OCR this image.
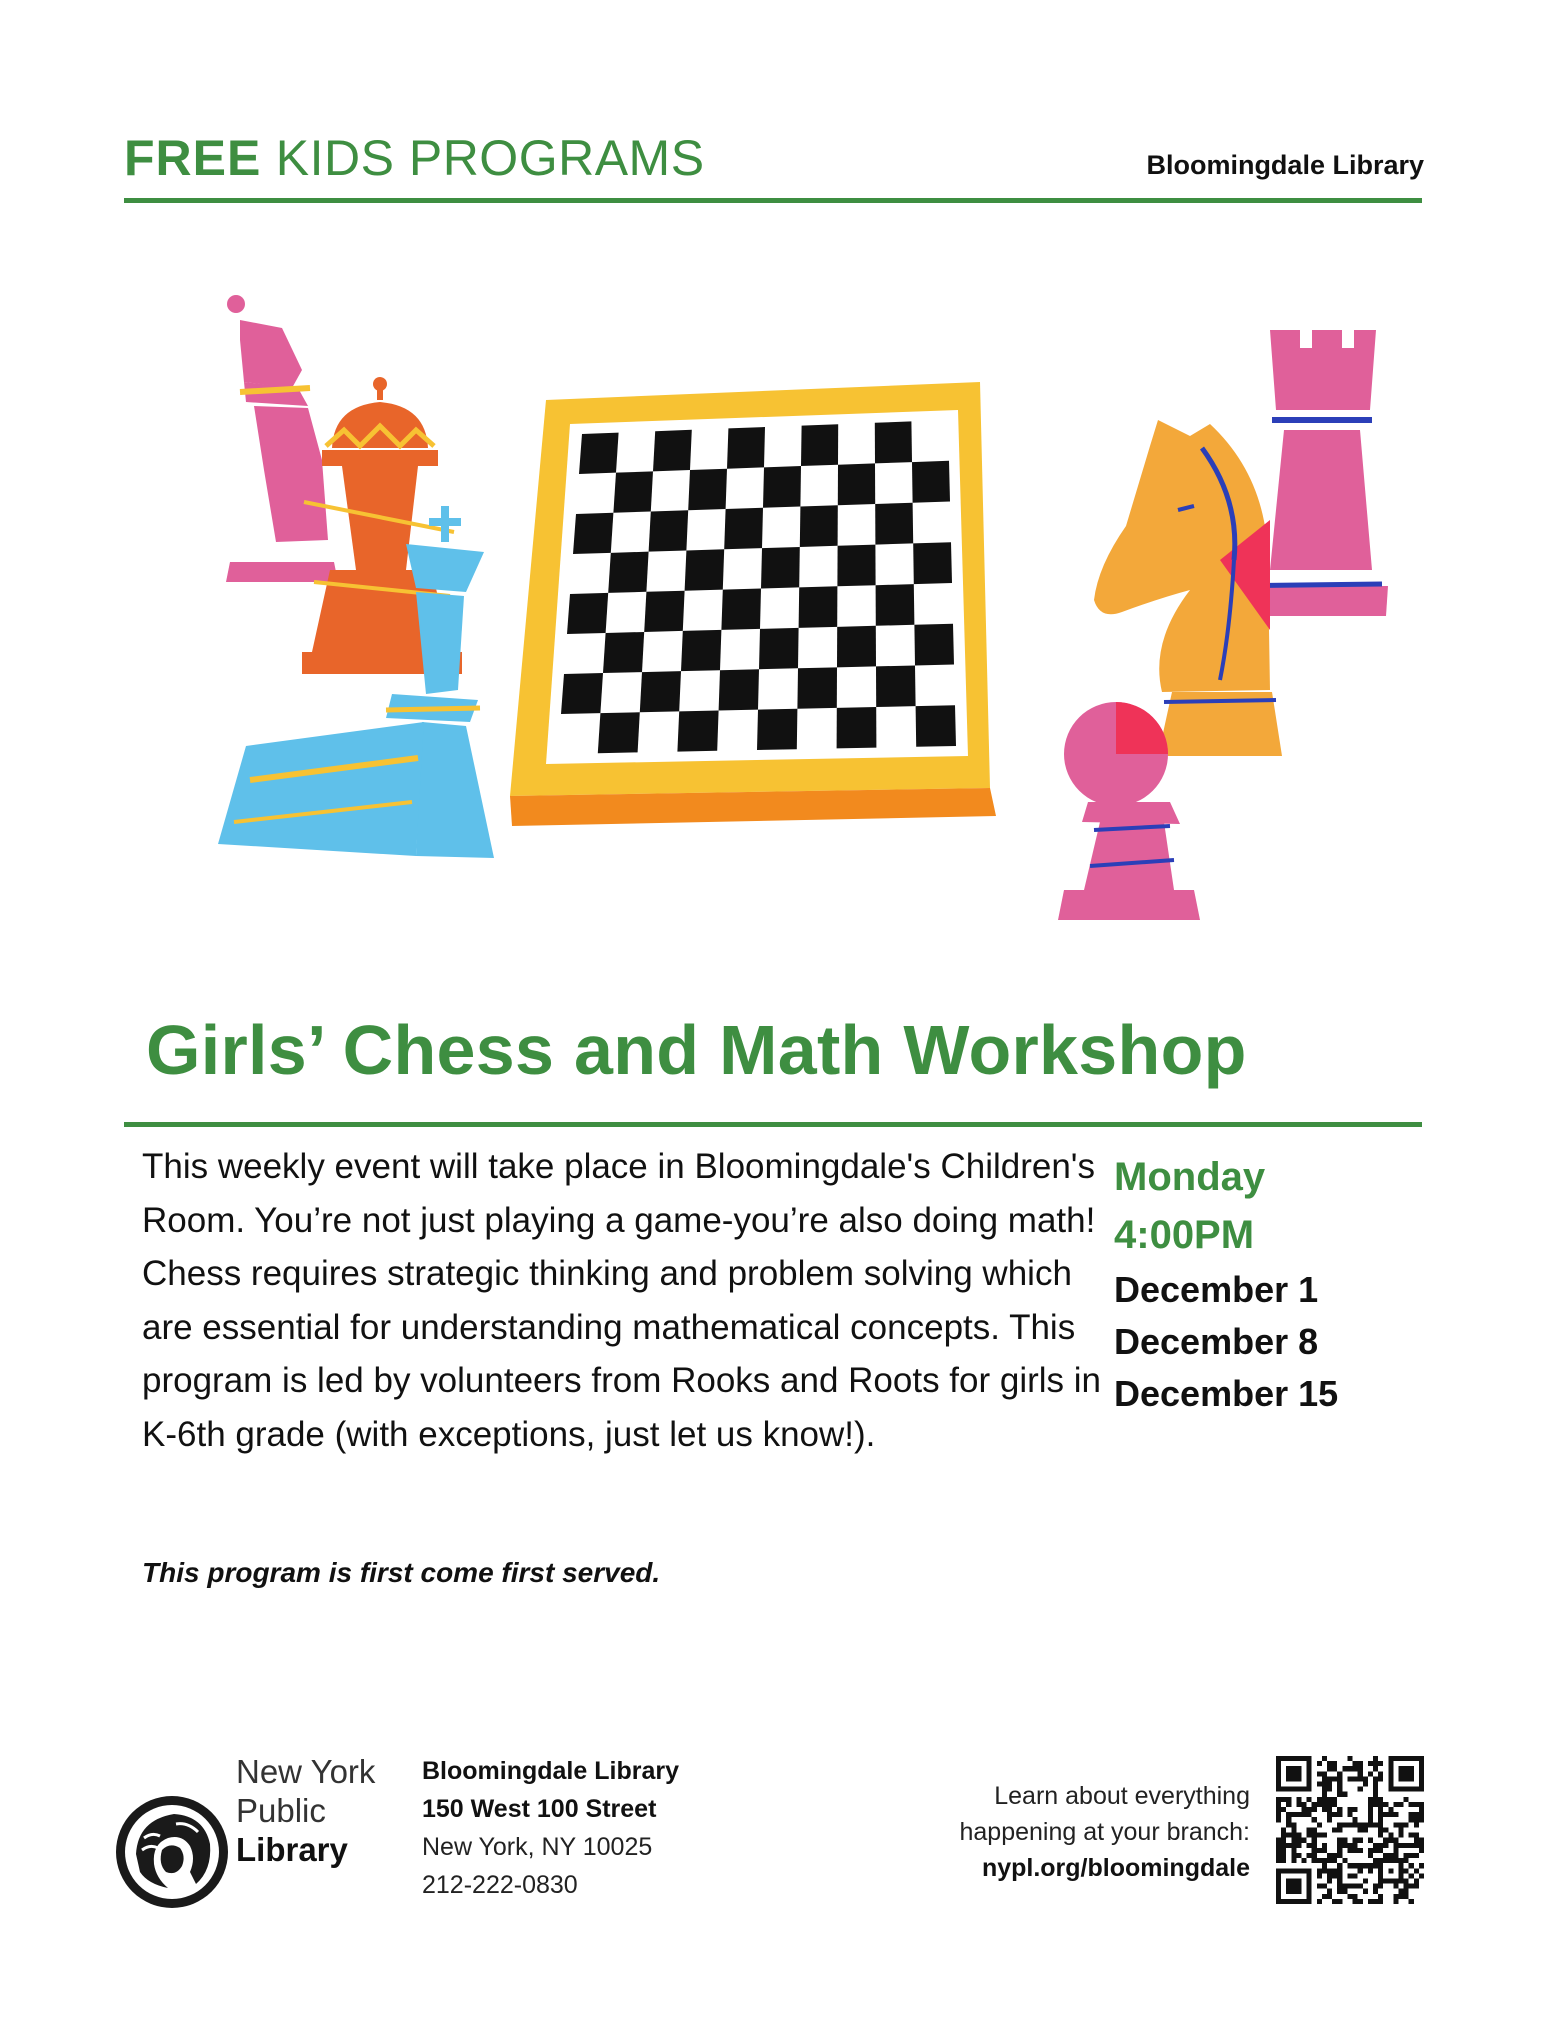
FREE KIDS PROGRAMS	Bloomingdale Library
Girls’ Chess and Math Workshop
This weekly event will take place in Bloomingdale's Children's Room. You’re not just playing a game-you’re also doing math! Chess requires strategic thinking and problem solving which are essential for understanding mathematical concepts. This program is led by volunteers from Rooks and Roots for girls in K-6th grade (with exceptions, just let us know!).
Monday
4:00PM
December 1
December 8
December 15
This program is first come first served.
New York
Public
Library
Bloomingdale Library
150 West 100 Street
New York, NY 10025
212-222-0830
Learn about everything
happening at your branch:
nypl.org/bloomingdale
